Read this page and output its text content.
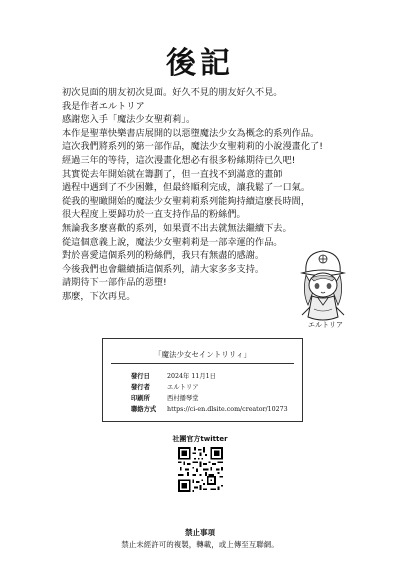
後記
初次見面的朋友初次見面。好久不見的朋友好久不見。
我是作者エルトリア
感謝您入手「魔法少女聖莉莉」。
本作是聖華快樂書店展開的以惡墮魔法少女為概念的系列作品。
這次我們將系列的第一部作品，魔法少女聖莉莉的小說漫畫化了!
經過三年的等待，這次漫畫化想必有很多粉絲期待已久吧!
其實從去年開始就在籌劃了，但一直找不到滿意的畫師
過程中遇到了不少困難，但最終順利完成，讓我鬆了一口氣。
從我的聖瞰開始的魔法少女聖莉莉系列能夠持續這麼長時間，
很大程度上要歸功於一直支持作品的粉絲們。
無論我多麼喜歡的系列，如果賣不出去就無法繼續下去。
從這個意義上說，魔法少女聖莉莉是一部幸運的作品。
對於喜愛這個系列的粉絲們，我只有無盡的感謝。
今後我們也會繼續插這個系列，請大家多多支持。
請期待下一部作品的惡墮!
那麼，下次再見。
エルトリア
「魔法少女セイントリリィ」
發行日	2024年 11月1日
發行者	エルトリア
印刷所	西村播琴堂
聯絡方式 https://ci-en.dlsite.com/creator/10273
社團官方twitter
禁止事項
禁止未經許可的複製，轉載，或上傳至互聯網。
